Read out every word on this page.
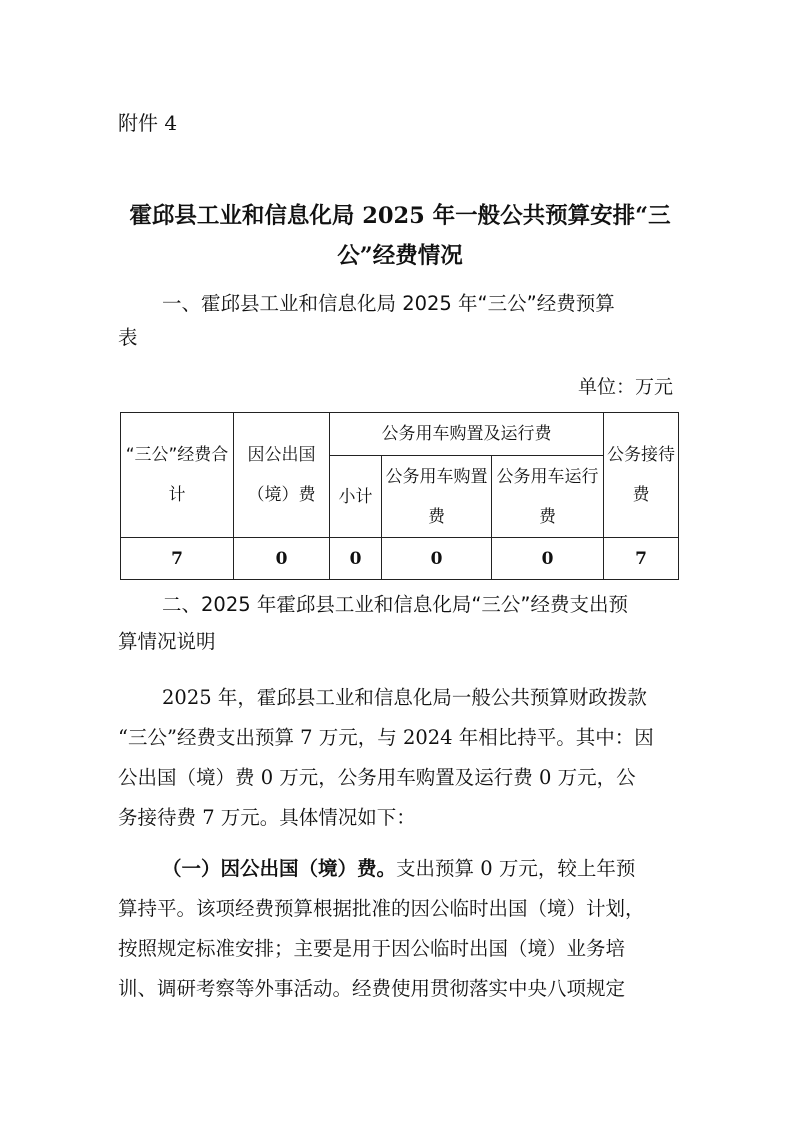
附件 4
霍邱县工业和信息化局 2025 年一般公共预算安排“三
公”经费情况
一、霍邱县工业和信息化局 2025 年“三公”经费预算
表
单位：万元
“三公”经费合计	因公出国（境）费	公务用车购置及运行费			公务接待费
		小计	公务用车购置费	公务用车运行费	
7	0	0	0	0	7
二、2025 年霍邱县工业和信息化局“三公”经费支出预
算情况说明
2025 年，霍邱县工业和信息化局一般公共预算财政拨款
“三公”经费支出预算 7 万元，与 2024 年相比持平。其中：因
公出国（境）费 0 万元，公务用车购置及运行费 0 万元，公
务接待费 7 万元。具体情况如下：
（一）因公出国（境）费。支出预算 0 万元，较上年预
算持平。该项经费预算根据批准的因公临时出国（境）计划，
按照规定标准安排；主要是用于因公临时出国（境）业务培
训、调研考察等外事活动。经费使用贯彻落实中央八项规定
